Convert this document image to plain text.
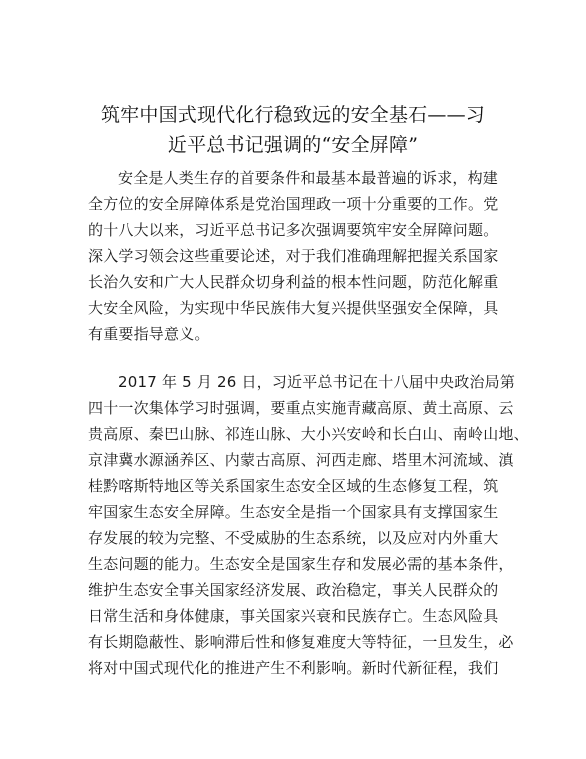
筑牢中国式现代化行稳致远的安全基石——习
近平总书记强调的“安全屏障”

安全是人类生存的首要条件和最基本最普遍的诉求，构建
全方位的安全屏障体系是党治国理政一项十分重要的工作。党
的十八大以来，习近平总书记多次强调要筑牢安全屏障问题。
深入学习领会这些重要论述，对于我们准确理解把握关系国家
长治久安和广大人民群众切身利益的根本性问题，防范化解重
大安全风险，为实现中华民族伟大复兴提供坚强安全保障，具
有重要指导意义。

2017 年 5 月 26 日，习近平总书记在十八届中央政治局第
四十一次集体学习时强调，要重点实施青藏高原、黄土高原、云
贵高原、秦巴山脉、祁连山脉、大小兴安岭和长白山、南岭山地、
京津冀水源涵养区、内蒙古高原、河西走廊、塔里木河流域、滇
桂黔喀斯特地区等关系国家生态安全区域的生态修复工程，筑
牢国家生态安全屏障。生态安全是指一个国家具有支撑国家生
存发展的较为完整、不受威胁的生态系统，以及应对内外重大
生态问题的能力。生态安全是国家生存和发展必需的基本条件，
维护生态安全事关国家经济发展、政治稳定，事关人民群众的
日常生活和身体健康，事关国家兴衰和民族存亡。生态风险具
有长期隐蔽性、影响滞后性和修复难度大等特征，一旦发生，必
将对中国式现代化的推进产生不利影响。新时代新征程，我们
